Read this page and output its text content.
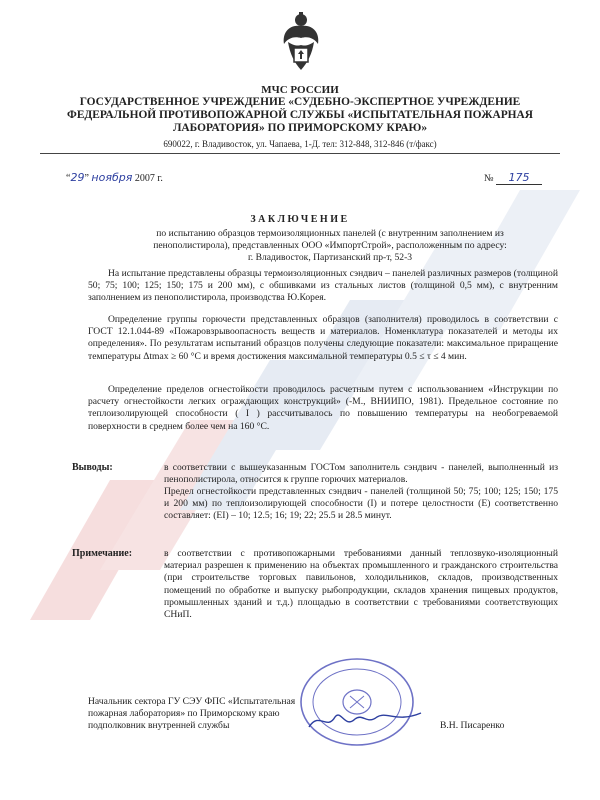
МЧС РОССИИ
ГОСУДАРСТВЕННОЕ УЧРЕЖДЕНИЕ «СУДЕБНО-ЭКСПЕРТНОЕ УЧРЕЖДЕНИЕ ФЕДЕРАЛЬНОЙ ПРОТИВОПОЖАРНОЙ СЛУЖБЫ «ИСПЫТАТЕЛЬНАЯ ПОЖАРНАЯ ЛАБОРАТОРИЯ» ПО ПРИМОРСКОМУ КРАЮ»
690022, г. Владивосток, ул. Чапаева, 1-Д. тел: 312-848, 312-846 (т/факс)
“29” ноября 2007 г.	№ 175
ЗАКЛЮЧЕНИЕ
по испытанию образцов термоизоляционных панелей (с внутренним заполнением из пенополистирола), представленных ООО «ИмпортСтрой», расположенным по адресу: г. Владивосток, Партизанский пр-т, 52-3
На испытание представлены образцы термоизоляционных сэндвич – панелей различных размеров (толщиной 50; 75; 100; 125; 150; 175 и 200 мм), с обшивками из стальных листов (толщиной 0,5 мм), с внутренним заполнением из пенополистирола, производства Ю.Корея.
Определение группы горючести представленных образцов (заполнителя) проводилось в соответствии с ГОСТ 12.1.044-89 «Пожаровзрывоопасность веществ и материалов. Номенклатура показателей и методы их определения». По результатам испытаний образцов получены следующие показатели: максимальное приращение температуры Δtmax ≥ 60 °С и время достижения максимальной температуры 0.5 ≤ τ ≤ 4 мин.
Определение пределов огнестойкости проводилось расчетным путем с использованием «Инструкции по расчету огнестойкости легких ограждающих конструкций» (-М., ВНИИПО, 1981). Предельное состояние по теплоизолирующей способности ( I ) рассчитывалось по повышению температуры на необогреваемой поверхности в среднем более чем на 160 °С.
Выводы:	в соответствии с вышеуказанным ГОСТом заполнитель сэндвич - панелей, выполненный из пенополистирола, относится к группе горючих материалов.
Предел огнестойкости представленных сэндвич - панелей (толщиной 50; 75; 100; 125; 150; 175 и 200 мм) по теплоизолирующей способности (I) и потере целостности (Е) соответственно составляет: (EI) – 10; 12.5; 16; 19; 22; 25.5 и 28.5 минут.
Примечание:	в соответствии с противопожарными требованиями данный теплозвуко-изоляционный материал разрешен к применению на объектах промышленного и гражданского строительства (при строительстве торговых павильонов, холодильников, складов, производственных помещений по обработке и выпуску рыбопродукции, складов хранения пищевых продуктов, промышленных зданий и т.д.) площадью в соответствии с требованиями соответствующих СНиП.
Начальник сектора ГУ СЭУ ФПС «Испытательная пожарная лаборатория» по Приморскому краю подполковник внутренней службы	В.Н. Писаренко
